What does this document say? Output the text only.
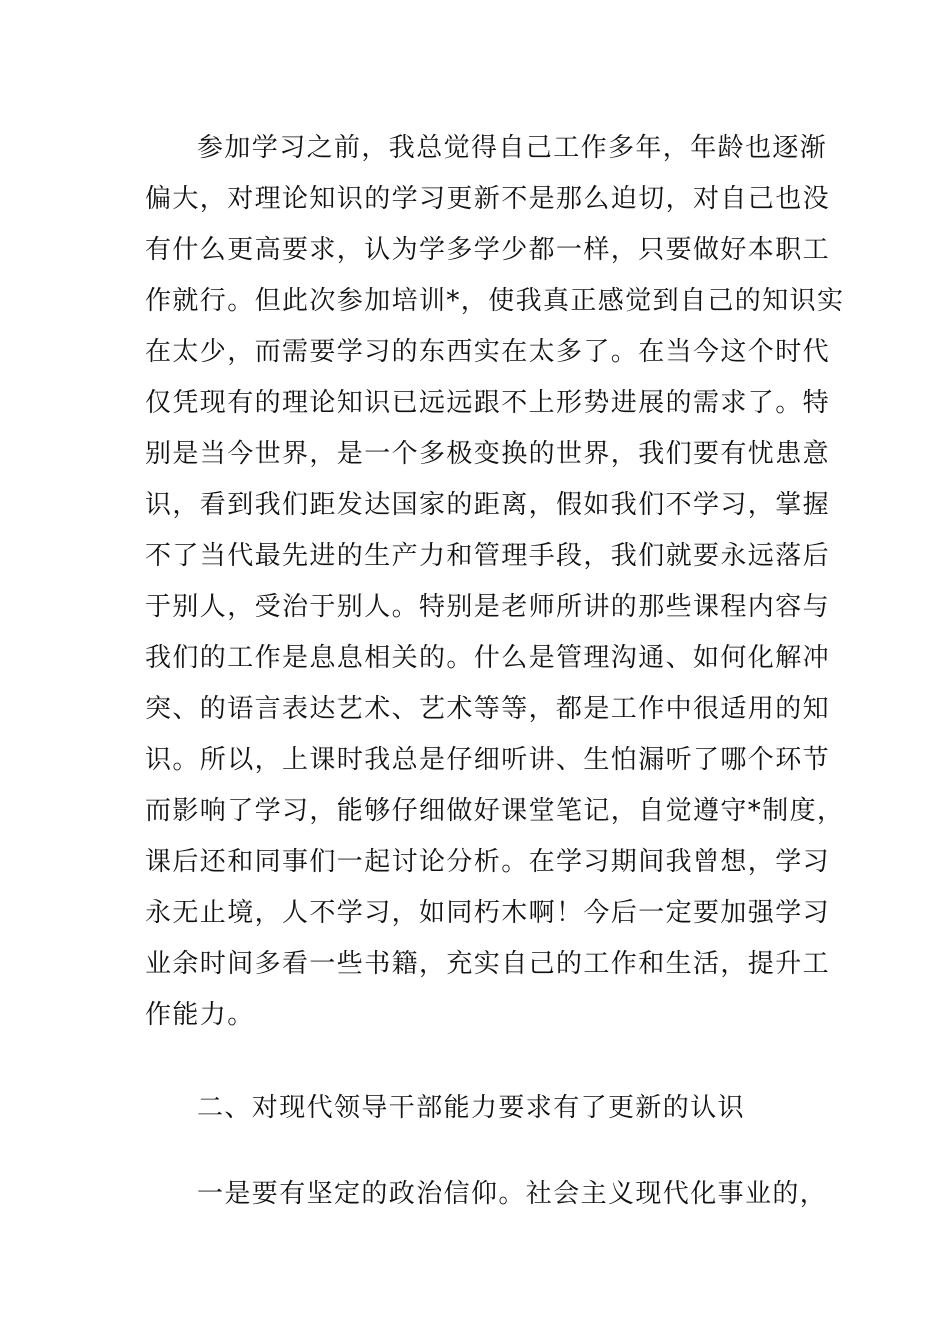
参加学习之前，我总觉得自己工作多年，年龄也逐渐
偏大，对理论知识的学习更新不是那么迫切，对自己也没
有什么更高要求，认为学多学少都一样，只要做好本职工
作就行。但此次参加培训*，使我真正感觉到自己的知识实
在太少，而需要学习的东西实在太多了。在当今这个时代
仅凭现有的理论知识已远远跟不上形势进展的需求了。特
别是当今世界，是一个多极变换的世界，我们要有忧患意
识，看到我们距发达国家的距离，假如我们不学习，掌握
不了当代最先进的生产力和管理手段，我们就要永远落后
于别人，受治于别人。特别是老师所讲的那些课程内容与
我们的工作是息息相关的。什么是管理沟通、如何化解冲
突、的语言表达艺术、艺术等等，都是工作中很适用的知
识。所以，上课时我总是仔细听讲、生怕漏听了哪个环节
而影响了学习，能够仔细做好课堂笔记，自觉遵守*制度，
课后还和同事们一起讨论分析。在学习期间我曾想，学习
永无止境，人不学习，如同朽木啊！今后一定要加强学习
业余时间多看一些书籍，充实自己的工作和生活，提升工
作能力。
二、对现代领导干部能力要求有了更新的认识
一是要有坚定的政治信仰。社会主义现代化事业的，
